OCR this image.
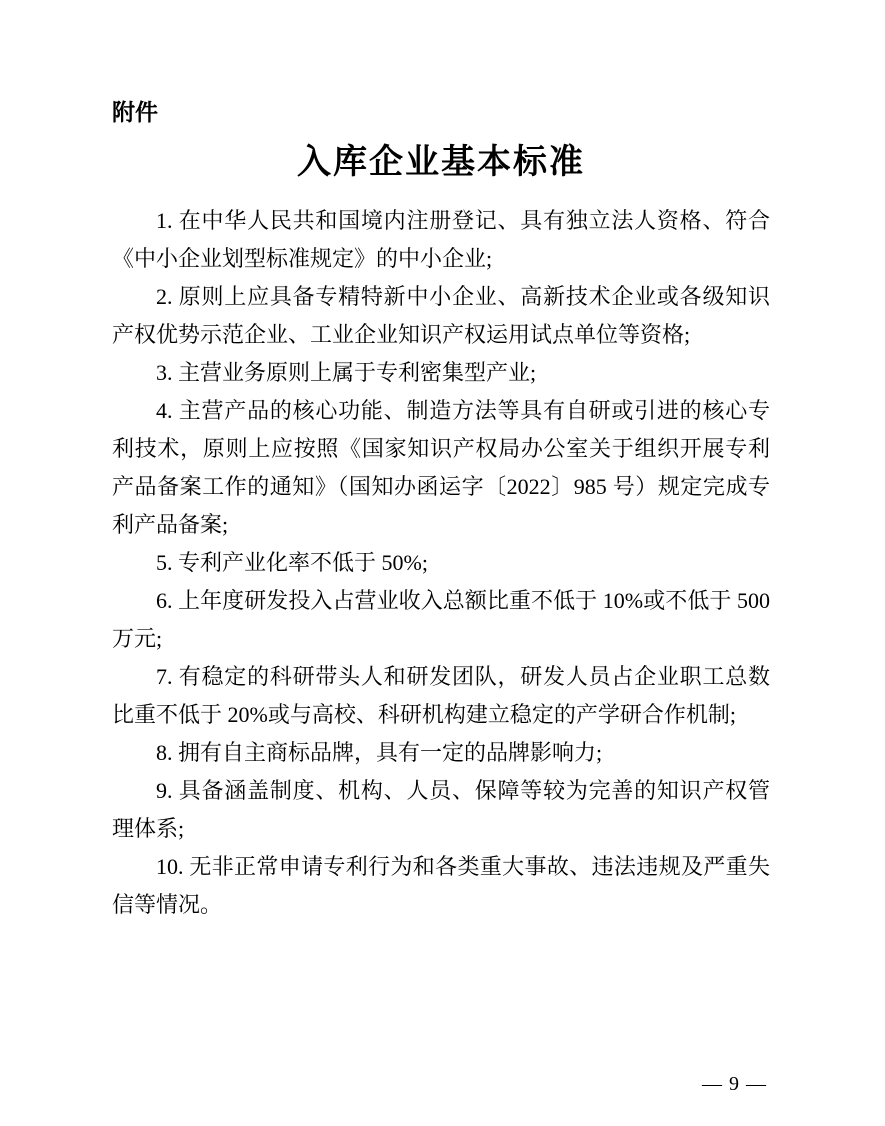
附件
入库企业基本标准

1. 在中华人民共和国境内注册登记、具有独立法人资格、符合《中小企业划型标准规定》的中小企业;

2. 原则上应具备专精特新中小企业、高新技术企业或各级知识产权优势示范企业、工业企业知识产权运用试点单位等资格;

3. 主营业务原则上属于专利密集型产业;

4. 主营产品的核心功能、制造方法等具有自研或引进的核心专利技术，原则上应按照《国家知识产权局办公室关于组织开展专利产品备案工作的通知》（国知办函运字〔2022〕985 号）规定完成专利产品备案;

5. 专利产业化率不低于 50%;

6. 上年度研发投入占营业收入总额比重不低于 10%或不低于 500 万元;

7. 有稳定的科研带头人和研发团队，研发人员占企业职工总数比重不低于 20%或与高校、科研机构建立稳定的产学研合作机制;

8. 拥有自主商标品牌，具有一定的品牌影响力;

9. 具备涵盖制度、机构、人员、保障等较为完善的知识产权管理体系;

10. 无非正常申请专利行为和各类重大事故、违法违规及严重失信等情况。

— 9 —
